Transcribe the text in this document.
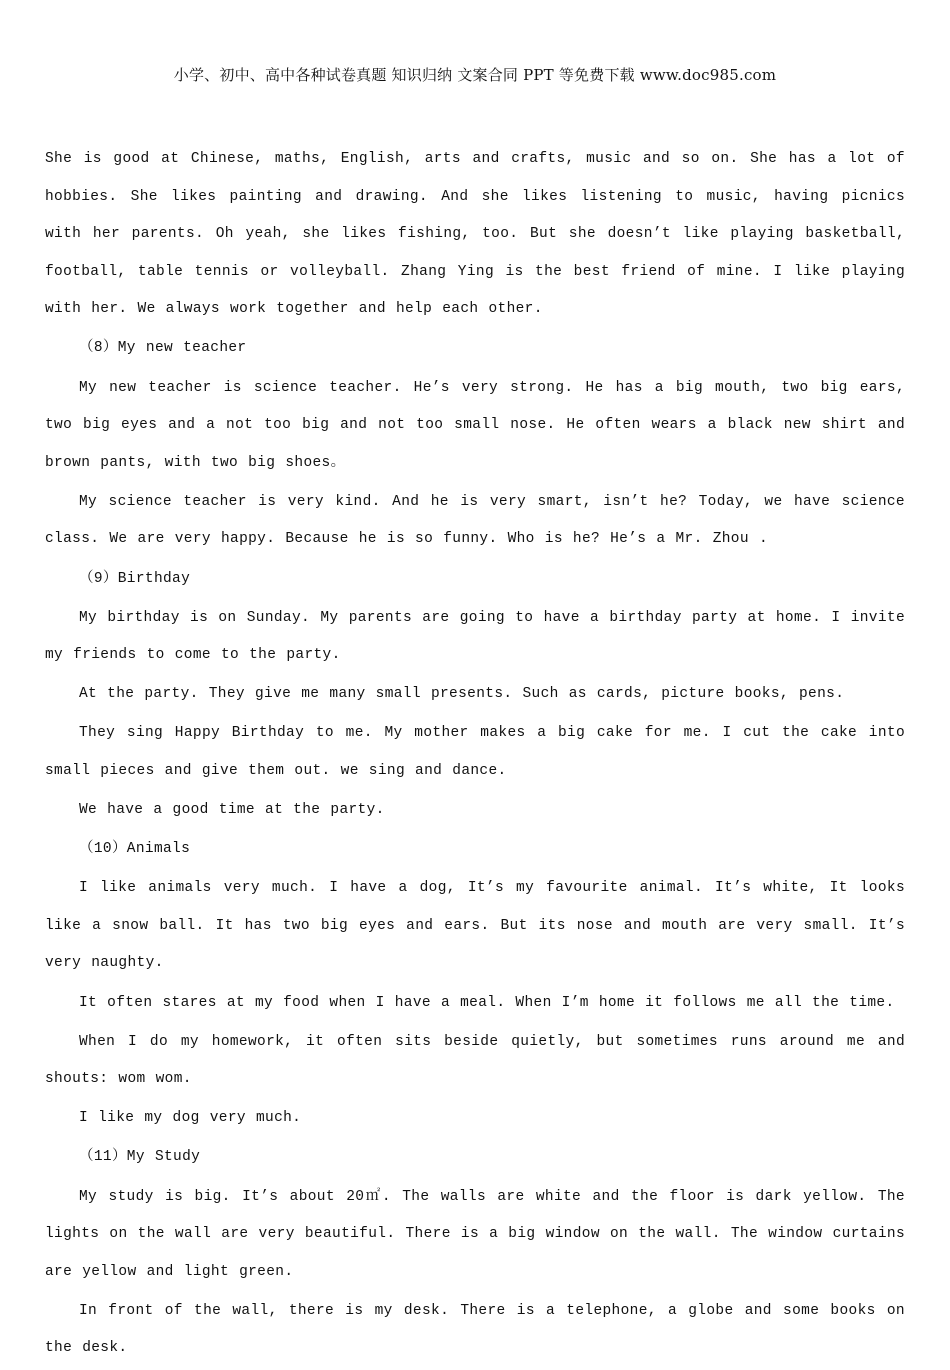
小学、初中、高中各种试卷真题 知识归纳 文案合同 PPT 等免费下载 www.doc985.com

She is good at Chinese, maths, English, arts and crafts, music and so on. She has a lot of hobbies. She likes painting and drawing. And she likes listening to music, having picnics with her parents. Oh yeah, she likes fishing, too. But she doesn’t like playing basketball, football, table tennis or volleyball. Zhang Ying is the best friend of mine. I like playing with her. We always work together and help each other.

（8）My new teacher

My new teacher is science teacher. He’s very strong. He has a big mouth, two big ears, two big eyes and a not too big and not too small nose. He often wears a black new shirt and brown pants, with two big shoes。

My science teacher is very kind. And he is very smart, isn’t he? Today, we have science class. We are very happy. Because he is so funny. Who is he? He’s a Mr. Zhou .

（9）Birthday

My birthday is on Sunday. My parents are going to have a birthday party at home. I invite my friends to come to the party.

At the party. They give me many small presents. Such as cards, picture books, pens.

They sing Happy Birthday to me. My mother makes a big cake for me. I cut the cake into small pieces and give them out. we sing and dance.

We have a good time at the party.

（10）Animals

I like animals very much. I have a dog, It’s my favourite animal. It’s white, It looks like a snow ball. It has two big eyes and ears. But its nose and mouth are very small. It’s very naughty.

It often stares at my food when I have a meal. When I’m home it follows me all the time.

When I do my homework, it often sits beside quietly, but sometimes runs around me and shouts: wom wom.

I like my dog very much.

（11）My Study

My study is big. It’s about 20㎡. The walls are white and the floor is dark yellow. The lights on the wall are very beautiful. There is a big window on the wall. The window curtains are yellow and light green.

In front of the wall, there is my desk. There is a telephone, a globe and some books on the desk.
